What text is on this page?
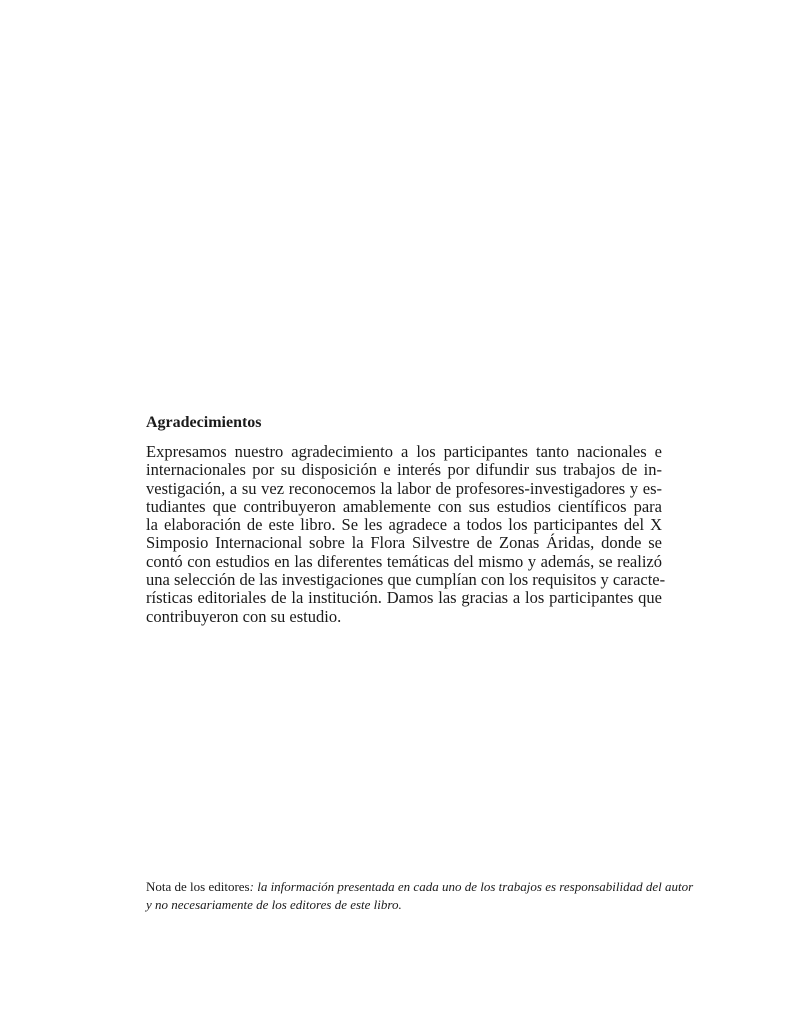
Agradecimientos

Expresamos nuestro agradecimiento a los participantes tanto nacionales e
internacionales por su disposición e interés por difundir sus trabajos de in-
vestigación, a su vez reconocemos la labor de profesores-investigadores y es-
tudiantes que contribuyeron amablemente con sus estudios científicos para
la elaboración de este libro. Se les agradece a todos los participantes del X
Simposio Internacional sobre la Flora Silvestre de Zonas Áridas, donde se
contó con estudios en las diferentes temáticas del mismo y además, se realizó
una selección de las investigaciones que cumplían con los requisitos y caracte-
rísticas editoriales de la institución. Damos las gracias a los participantes que
contribuyeron con su estudio.

Nota de los editores: la información presentada en cada uno de los trabajos es responsabilidad del autor
y no necesariamente de los editores de este libro.
